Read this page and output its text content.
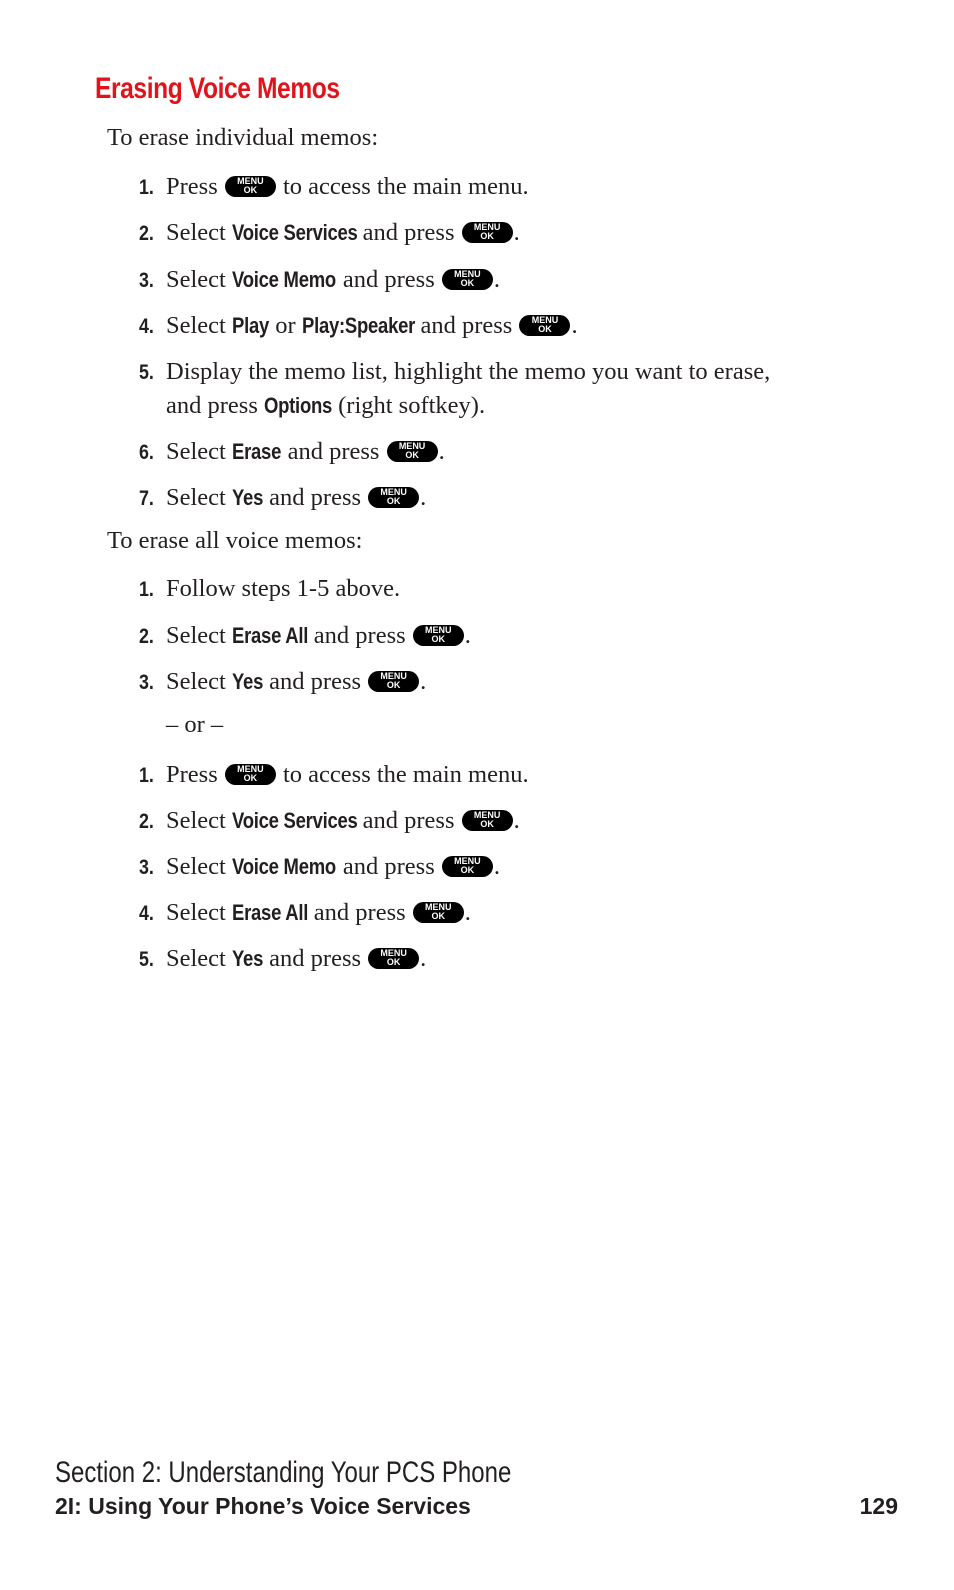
Erasing Voice Memos
To erase individual memos:
1. Press	MENU
OK	to access the main menu.
2. Select Voice Services and press	MENU
OK .
3. Select Voice Memo and press	MENU
OK .
4. Select Play or Play:Speaker and press	MENU
OK .
5. Display the memo list, highlight the memo you want to erase,
and press Options (right softkey).
6. Select Erase and press	MENU
OK .
7. Select Yes and press	MENU
OK .
To erase all voice memos:
1. Follow steps 1-5 above.
2. Select Erase All and press	MENU
OK .
3. Select Yes and press	MENU
OK .
– or –
1. Press	MENU
OK	to access the main menu.
2. Select Voice Services and press	MENU
OK .
3. Select Voice Memo and press	MENU
OK .
4. Select Erase All and press	MENU
OK .
5. Select Yes and press	MENU
OK .
Section 2: Understanding Your PCS Phone
2I: Using Your Phone’s Voice Services	129
